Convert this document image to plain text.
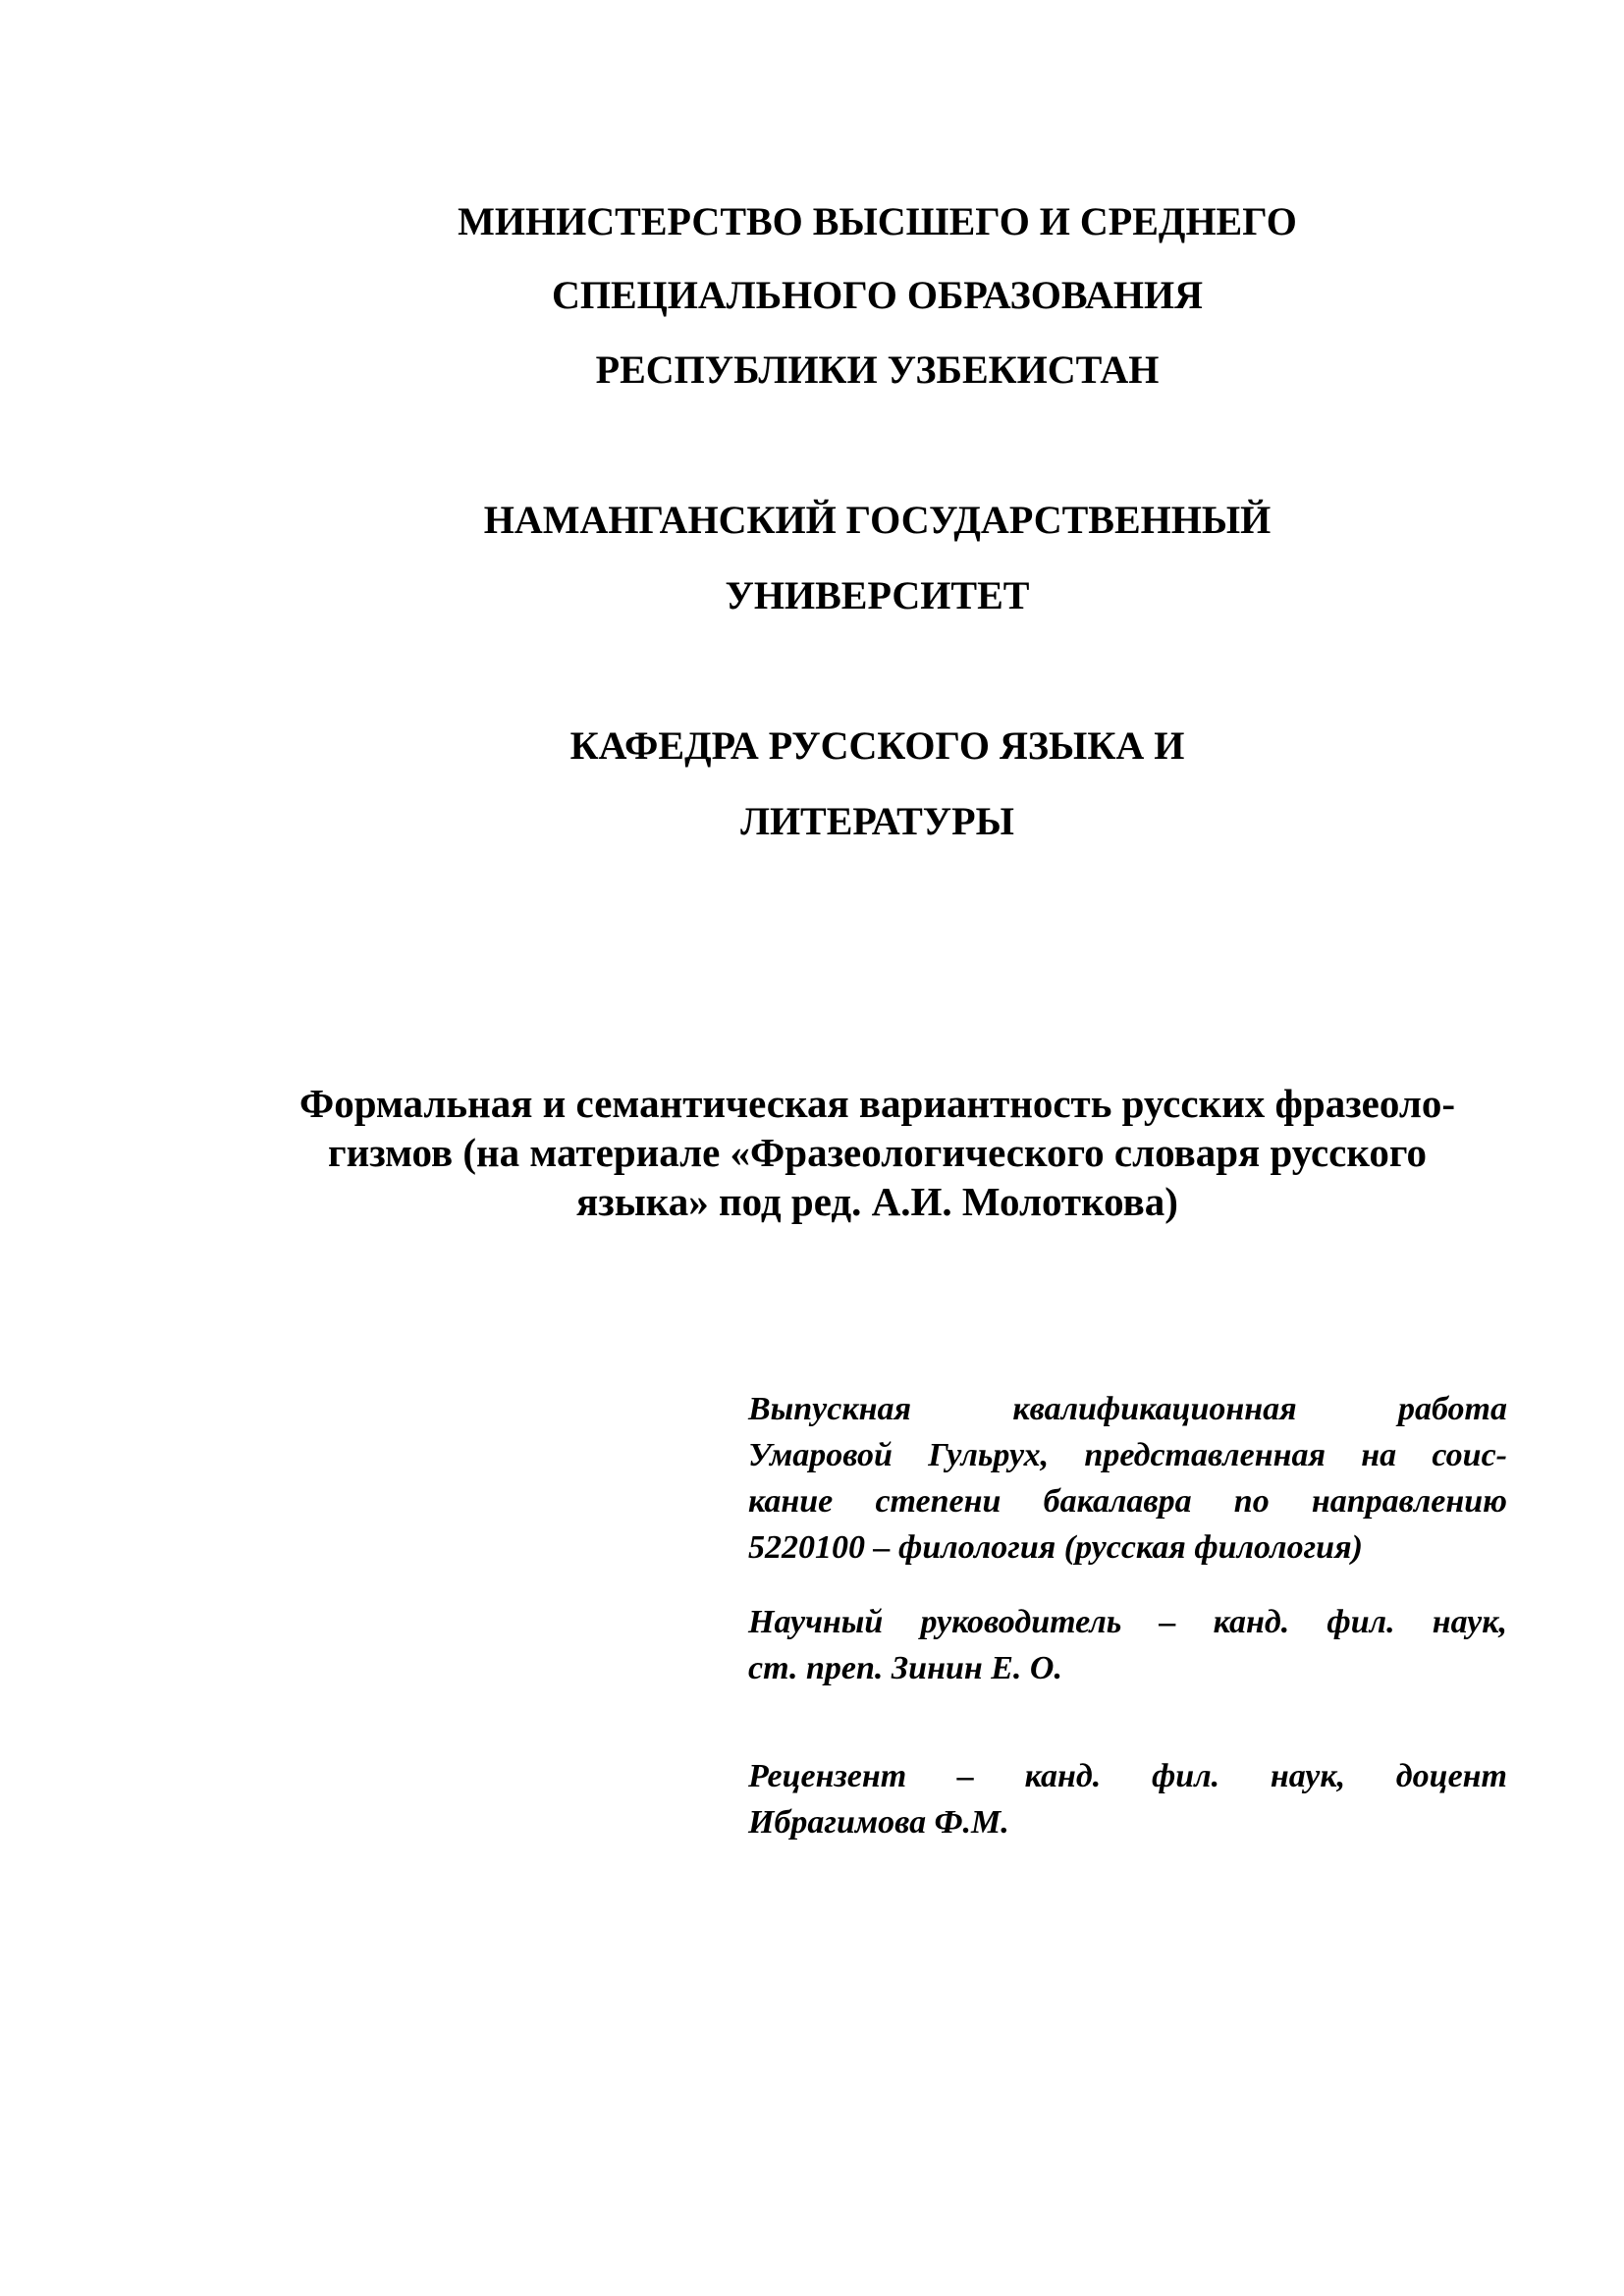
МИНИСТЕРСТВО ВЫСШЕГО И СРЕДНЕГО
СПЕЦИАЛЬНОГО ОБРАЗОВАНИЯ
РЕСПУБЛИКИ УЗБЕКИСТАН
НАМАНГАНСКИЙ ГОСУДАРСТВЕННЫЙ
УНИВЕРСИТЕТ
КАФЕДРА РУССКОГО ЯЗЫКА И
ЛИТЕРАТУРЫ
Формальная и семантическая вариантность русских фразеоло-
гизмов (на материале «Фразеологического словаря русского
языка» под ред. А.И. Молоткова)
Выпускная квалификационная работа
Умаровой Гульрух, представленная на соис-
кание степени бакалавра по направлению
5220100 – филология (русская филология)
Научный руководитель – канд. фил. наук,
ст. преп. Зинин Е. О.
Рецензент – канд. фил. наук, доцент
Ибрагимова Ф.М.
